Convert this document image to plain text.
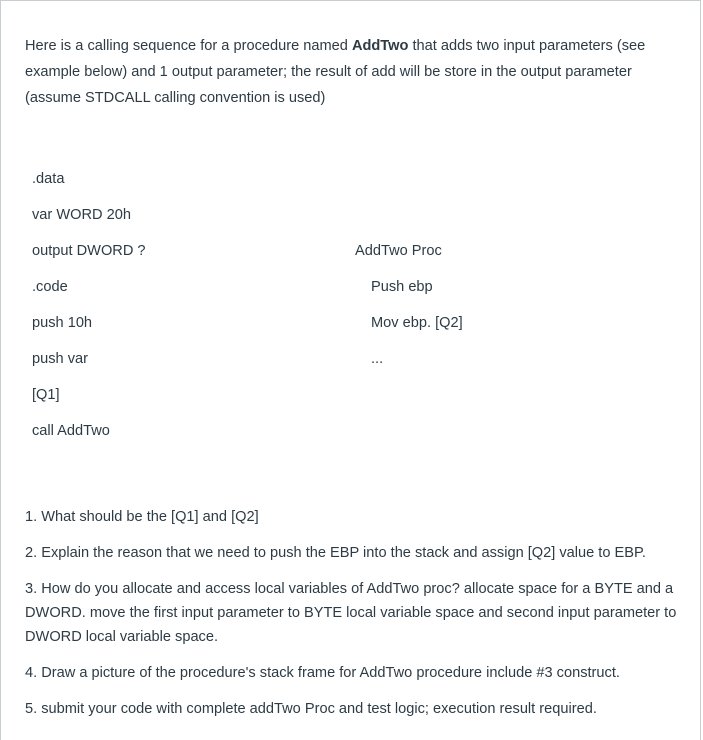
Here is a calling sequence for a procedure named AddTwo that adds two input parameters (see example below) and 1 output parameter; the result of add will be store in the output parameter (assume STDCALL calling convention is used)

.data

var WORD 20h

output DWORD ?

.code

push 10h

push var

[Q1]

call AddTwo

AddTwo Proc

Push ebp

Mov ebp. [Q2]

...

1. What should be the [Q1] and [Q2]

2. Explain the reason that we need to push the EBP into the stack and assign [Q2] value to EBP.

3. How do you allocate and access local variables of AddTwo proc? allocate space for a BYTE and a DWORD. move the first input parameter to BYTE local variable space and second input parameter to DWORD local variable space.

4. Draw a picture of the procedure's stack frame for AddTwo procedure include #3 construct.

5. submit your code with complete addTwo Proc and test logic; execution result required.
